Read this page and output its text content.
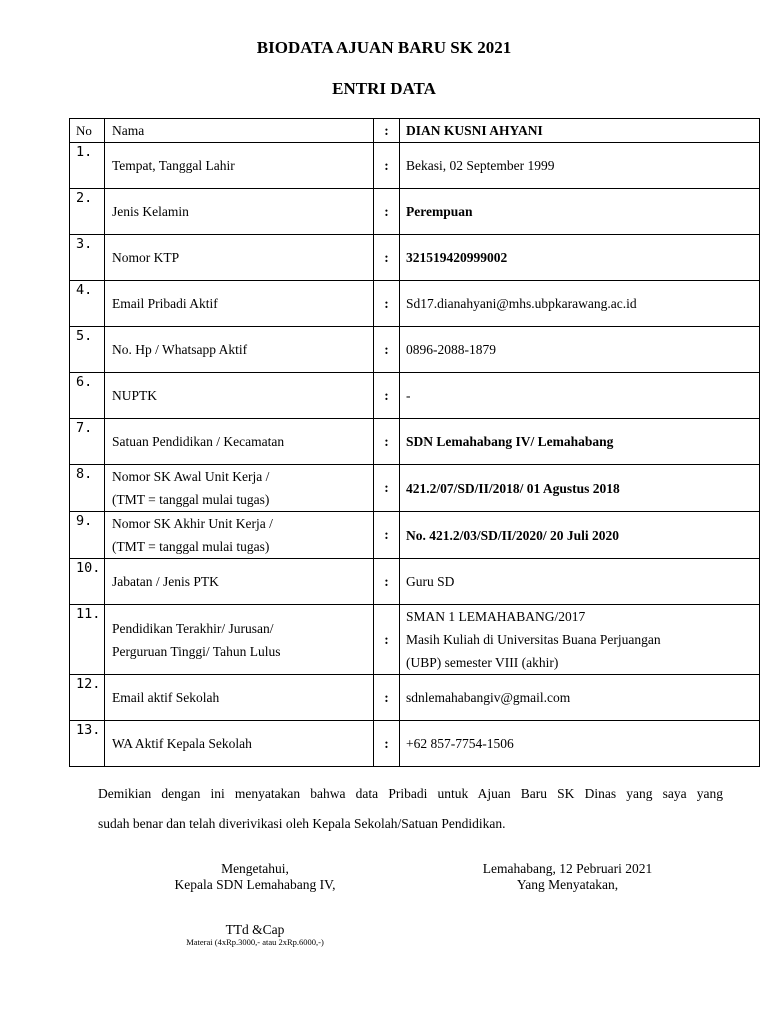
BIODATA AJUAN BARU SK 2021
ENTRI DATA
No	Nama	:	DIAN KUSNI AHYANI
1.	Tempat, Tanggal Lahir	:	Bekasi, 02 September 1999

2.	Jenis Kelamin	:	Perempuan

3.	Nomor KTP	:	321519420999002

4.	Email Pribadi Aktif	:	Sd17.dianahyani@mhs.ubpkarawang.ac.id

5.	No. Hp / Whatsapp Aktif	:	0896-2088-1879

6.	NUPTK	:	-

7.	Satuan Pendidikan / Kecamatan	:	SDN Lemahabang IV/ Lemahabang

8.	Nomor SK Awal Unit Kerja /
(TMT = tanggal mulai tugas)	:	421.2/07/SD/II/2018/ 01 Agustus 2018

9.	Nomor SK Akhir Unit Kerja /
(TMT = tanggal mulai tugas)	:	No. 421.2/03/SD/II/2020/ 20 Juli 2020

10.	Jabatan / Jenis PTK	:	Guru SD

11.	Pendidikan Terakhir/ Jurusan/
Perguruan Tinggi/ Tahun Lulus	:	SMAN 1 LEMAHABANG/2017
Masih Kuliah di Universitas Buana Perjuangan
(UBP) semester VIII (akhir)

12.	Email aktif Sekolah	:	sdnlemahabangiv@gmail.com

13.	WA Aktif Kepala Sekolah	:	+62 857-7754-1506
Demikian dengan ini menyatakan bahwa data Pribadi untuk Ajuan Baru SK Dinas yang saya yang
sudah benar dan telah diverivikasi oleh Kepala Sekolah/Satuan Pendidikan.
Mengetahui,
Kepala SDN Lemahabang IV,
Lemahabang, 12 Pebruari 2021
Yang Menyatakan,
TTd &Cap
Materai (4xRp.3000,- atau 2xRp.6000,-)
